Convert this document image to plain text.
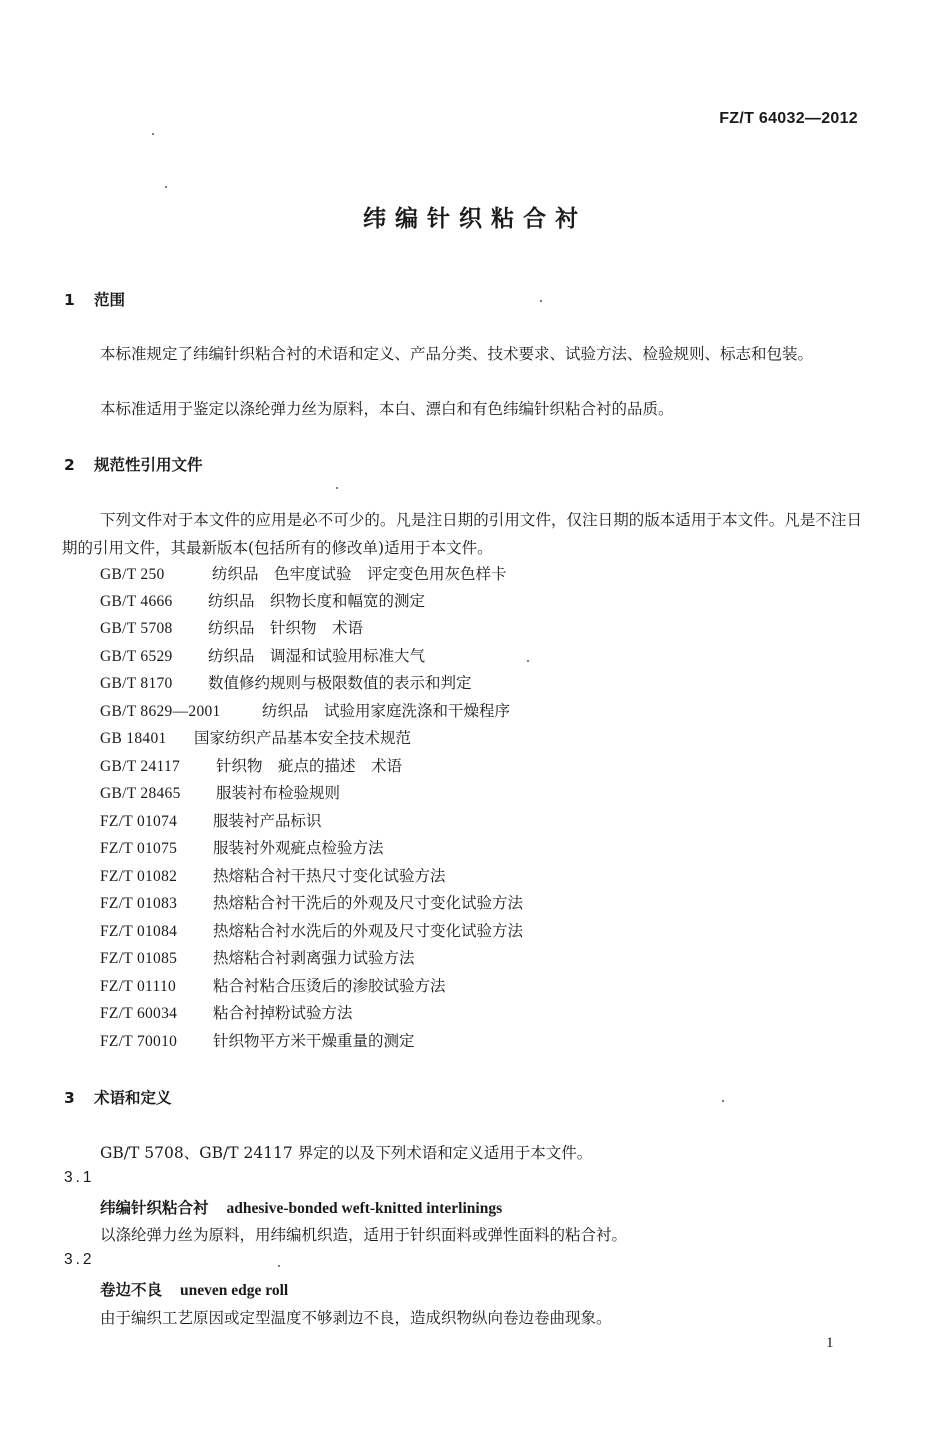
FZ/T 64032—2012
纬编针织粘合衬
1 范围
本标准规定了纬编针织粘合衬的术语和定义、产品分类、技术要求、试验方法、检验规则、标志和包装。
本标准适用于鉴定以涤纶弹力丝为原料，本白、漂白和有色纬编针织粘合衬的品质。
2 规范性引用文件
下列文件对于本文件的应用是必不可少的。凡是注日期的引用文件，仅注日期的版本适用于本文件。凡是不注日期的引用文件，其最新版本(包括所有的修改单)适用于本文件。
GB/T 250	纺织品　色牢度试验　评定变色用灰色样卡
GB/T 4666 纺织品　织物长度和幅宽的测定
GB/T 5708 纺织品　针织物　术语
GB/T 6529 纺织品　调湿和试验用标准大气
GB/T 8170 数值修约规则与极限数值的表示和判定
GB/T 8629—2001	纺织品　试验用家庭洗涤和干燥程序
GB 18401 国家纺织产品基本安全技术规范
GB/T 24117 针织物　疵点的描述　术语
GB/T 28465 服装衬布检验规则
FZ/T 01074 服装衬产品标识
FZ/T 01075 服装衬外观疵点检验方法
FZ/T 01082 热熔粘合衬干热尺寸变化试验方法
FZ/T 01083 热熔粘合衬干洗后的外观及尺寸变化试验方法
FZ/T 01084 热熔粘合衬水洗后的外观及尺寸变化试验方法
FZ/T 01085 热熔粘合衬剥离强力试验方法
FZ/T 01110 粘合衬粘合压烫后的渗胶试验方法
FZ/T 60034 粘合衬掉粉试验方法
FZ/T 70010 针织物平方米干燥重量的测定
3 术语和定义
GB/T 5708、GB/T 24117 界定的以及下列术语和定义适用于本文件。
3.1
纬编针织粘合衬 adhesive-bonded weft-knitted interlinings
以涤纶弹力丝为原料，用纬编机织造，适用于针织面料或弹性面料的粘合衬。
3.2
卷边不良 uneven edge roll
由于编织工艺原因或定型温度不够剥边不良，造成织物纵向卷边卷曲现象。
1
